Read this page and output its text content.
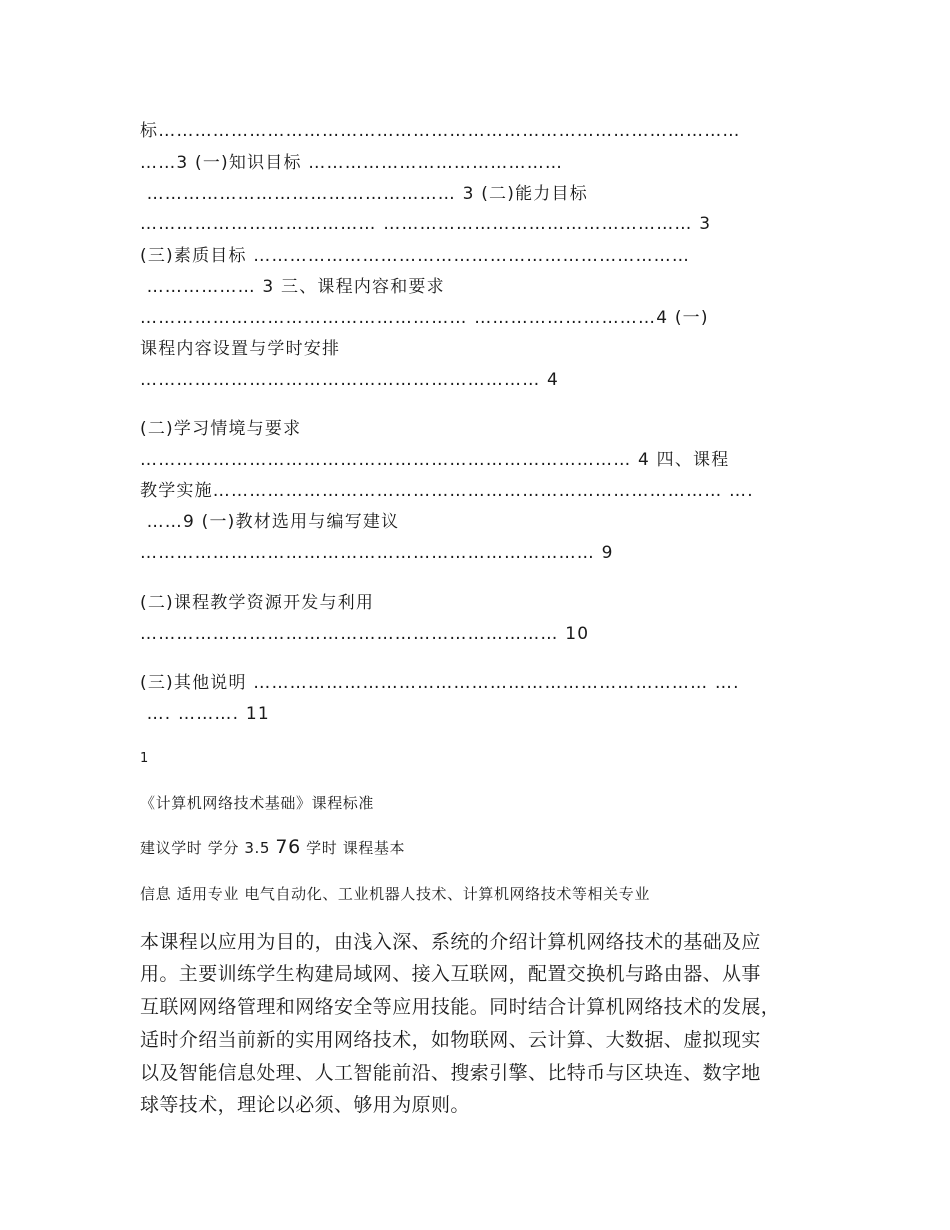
标……………………………………………………………………………………
……3 (一)知识目标 ……………………………………
…………………………………………… 3 (二)能力目标
………………………………… …………………………………………… 3
(三)素质目标 ………………………………………………………………
……………… 3 三、课程内容和要求
……………………………………………… …………………………4 (一)
课程内容设置与学时安排
………………………………………………………… 4
(二)学习情境与要求
……………………………………………………………………… 4 四、课程
教学实施………………………………………………………………………… ….
……9 (一)教材选用与编写建议
………………………………………………………………… 9
(二)课程教学资源开发与利用
…………………………………………………………… 10
(三)其他说明 ………………………………………………………………… ….
…. ………. 11
1
《计算机网络技术基础》课程标准
建议学时 学分 3.5 76 学时 课程基本
信息 适用专业 电气自动化、工业机器人技术、计算机网络技术等相关专业
本课程以应用为目的，由浅入深、系统的介绍计算机网络技术的基础及应
用。主要训练学生构建局域网、接入互联网，配置交换机与路由器、从事
互联网网络管理和网络安全等应用技能。同时结合计算机网络技术的发展，
适时介绍当前新的实用网络技术，如物联网、云计算、大数据、虚拟现实
以及智能信息处理、人工智能前沿、搜索引擎、比特币与区块连、数字地
球等技术，理论以必须、够用为原则。
